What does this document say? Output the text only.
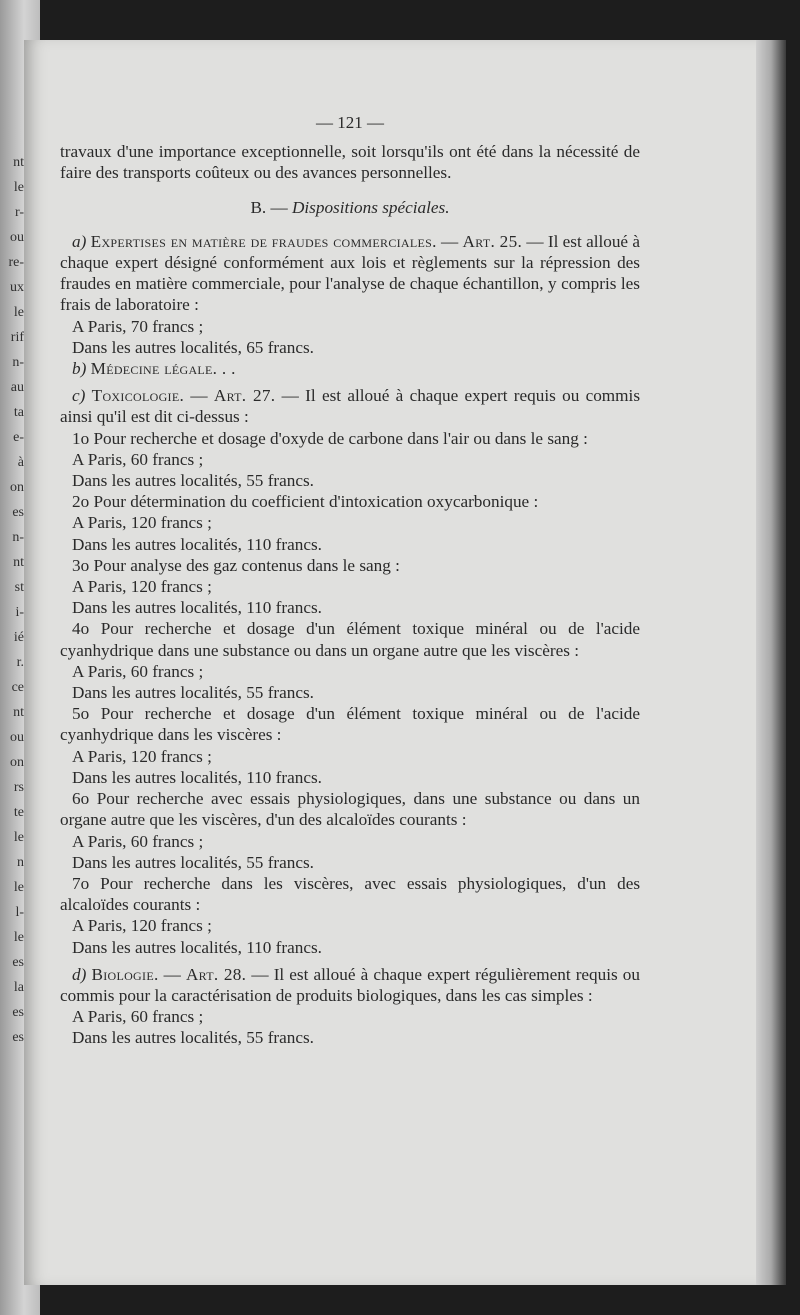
nt
le
r-
ou
re-
ux
le
rif
n-
au
ta
e-
à
on
es
n-
nt
st
i-
ié
r.
ce
nt
ou
on
rs
te
le
n
le
l-
le
es
la
es
es
— 121 —

travaux d'une importance exceptionnelle, soit lorsqu'ils ont été dans la nécessité de faire des transports coûteux ou des avances personnelles.

B. — Dispositions spéciales.

a) Expertises en matière de fraudes commerciales. — Art. 25. — Il est alloué à chaque expert désigné conformément aux lois et règlements sur la répression des fraudes en matière commerciale, pour l'analyse de chaque échantillon, y compris les frais de laboratoire :

A Paris, 70 francs ;

Dans les autres localités, 65 francs.

b) Médecine légale. . .

c) Toxicologie. — Art. 27. — Il est alloué à chaque expert requis ou commis ainsi qu'il est dit ci-dessus :

1o Pour recherche et dosage d'oxyde de carbone dans l'air ou dans le sang :

A Paris, 60 francs ;

Dans les autres localités, 55 francs.

2o Pour détermination du coefficient d'intoxication oxycarbonique :

A Paris, 120 francs ;

Dans les autres localités, 110 francs.

3o Pour analyse des gaz contenus dans le sang :

A Paris, 120 francs ;

Dans les autres localités, 110 francs.

4o Pour recherche et dosage d'un élément toxique minéral ou de l'acide cyanhydrique dans une substance ou dans un organe autre que les viscères :

A Paris, 60 francs ;

Dans les autres localités, 55 francs.

5o Pour recherche et dosage d'un élément toxique minéral ou de l'acide cyanhydrique dans les viscères :

A Paris, 120 francs ;

Dans les autres localités, 110 francs.

6o Pour recherche avec essais physiologiques, dans une substance ou dans un organe autre que les viscères, d'un des alcaloïdes courants :

A Paris, 60 francs ;

Dans les autres localités, 55 francs.

7o Pour recherche dans les viscères, avec essais physiologiques, d'un des alcaloïdes courants :

A Paris, 120 francs ;

Dans les autres localités, 110 francs.

d) Biologie. — Art. 28. — Il est alloué à chaque expert régulièrement requis ou commis pour la caractérisation de produits biologiques, dans les cas simples :

A Paris, 60 francs ;

Dans les autres localités, 55 francs.
